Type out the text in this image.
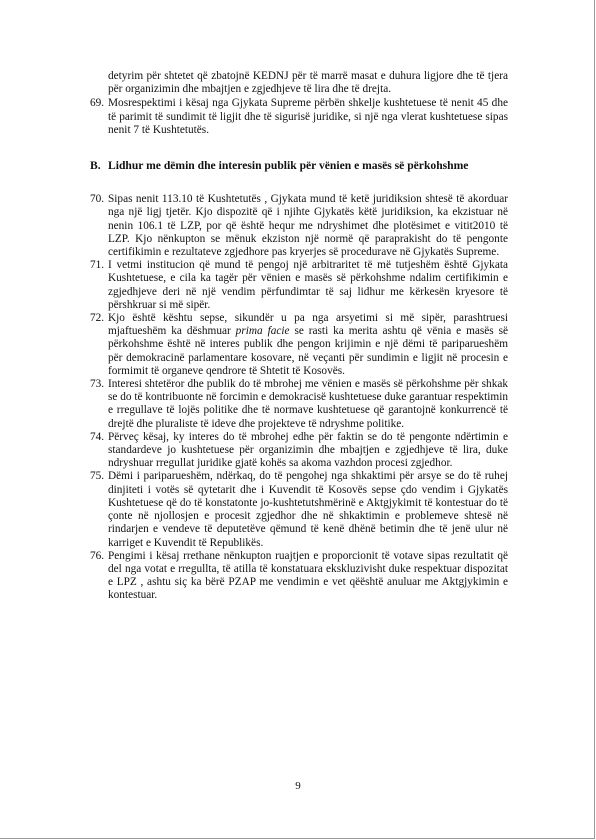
detyrim për shtetet që zbatojnë KEDNJ për të marrë masat e duhura ligjore dhe të tjera për organizimin dhe mbajtjen e zgjedhjeve të lira dhe të drejta.

69. Mosrespektimi i kësaj nga Gjykata Supreme përbën shkelje kushtetuese të nenit 45 dhe të parimit të sundimit të ligjit dhe të sigurisë juridike, si një nga vlerat kushtetuese sipas nenit 7 të Kushtetutës.
B. Lidhur me dëmin dhe interesin publik për vënien e masës së përkohshme
70. Sipas nenit 113.10 të Kushtetutës , Gjykata mund të ketë juridiksion shtesë të akorduar nga një ligj tjetër. Kjo dispozitë që i njihte Gjykatës këtë juridiksion, ka ekzistuar në nenin 106.1 të LZP, por që është hequr me ndryshimet dhe plotësimet e vitit2010 të LZP. Kjo nënkupton se mënuk ekziston një normë që paraprakisht do të pengonte certifikimin e rezultateve zgjedhore pas kryerjes së procedurave në Gjykatës Supreme.
71. I vetmi institucion që mund të pengoj një arbitraritet të më tutjeshëm është Gjykata Kushtetuese, e cila ka tagër për vënien e masës së përkohshme ndalim certifikimin e zgjedhjeve deri në një vendim përfundimtar të saj lidhur me kërkesën kryesore të përshkruar si më sipër.
72. Kjo është kështu sepse, sikundër u pa nga arsyetimi si më sipër, parashtruesi mjaftueshëm ka dëshmuar prima facie se rasti ka merita ashtu që vënia e masës së përkohshme është në interes publik dhe pengon krijimin e një dëmi të pariparueshëm për demokracinë parlamentare kosovare, në veçanti për sundimin e ligjit në procesin e formimit të organeve qendrore të Shtetit të Kosovës.
73. Interesi shtetëror dhe publik do të mbrohej me vënien e masës së përkohshme për shkak se do të kontribuonte në forcimin e demokracisë kushtetuese duke garantuar respektimin e rregullave të lojës politike dhe të normave kushtetuese që garantojnë konkurrencë të drejtë dhe pluraliste të ideve dhe projekteve të ndryshme politike.
74. Përveç kësaj, ky interes do të mbrohej edhe për faktin se do të pengonte ndërtimin e standardeve jo kushtetuese për organizimin dhe mbajtjen e zgjedhjeve të lira, duke ndryshuar rregullat juridike gjatë kohës sa akoma vazhdon procesi zgjedhor.
75. Dëmi i pariparueshëm, ndërkaq, do të pengohej nga shkaktimi për arsye se do të ruhej dinjiteti i votës së qytetarit dhe i Kuvendit të Kosovës sepse çdo vendim i Gjykatës Kushtetuese që do të konstatonte jo-kushtetutshmërinë e Aktgjykimit të kontestuar do të çonte në njollosjen e procesit zgjedhor dhe në shkaktimin e problemeve shtesë në rindarjen e vendeve të deputetëve qëmund të kenë dhënë betimin dhe të jenë ulur në karriget e Kuvendit të Republikës.
76. Pengimi i kësaj rrethane nënkupton ruajtjen e proporcionit të votave sipas rezultatit që del nga votat e rregullta, të atilla të konstatuara ekskluzivisht duke respektuar dispozitat e LPZ , ashtu siç ka bërë PZAP me vendimin e vet qëështë anuluar me Aktgjykimin e kontestuar.
9
